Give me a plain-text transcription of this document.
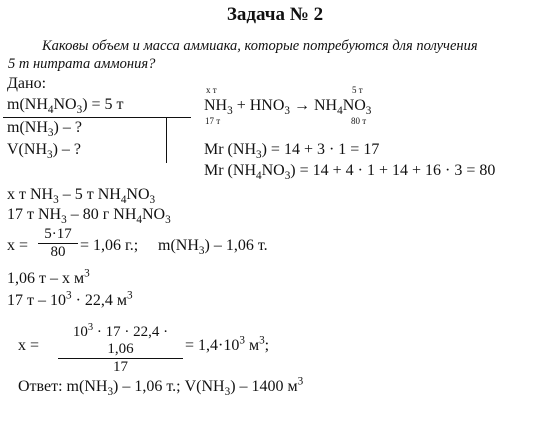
Задача № 2
Каковы объем и масса аммиака, которые потребуются для получения
5 т нитрата аммония?
Дано:
$m(NH_4NO_3) = 5$ т
$m(NH_3)$ – ?
$V(NH_3)$ – ?
x т
17 т
5 т
80 т
$NH_3 + HNO_3 \to NH_4NO_3$
Mr $(NH_3) = 14 + 3 \cdot 1 = 17$
Mr $(NH_4NO_3) = 14 + 4 \cdot 1 + 14 + 16 \cdot 3 = 80$
x т $NH_3 - 5$ т $NH_4NO_3$
17 т $NH_3 - 80$ г $NH_4NO_3$
$x = \frac{5\cdot 17}{80} = 1,06$ г.; $m(NH_3) - 1,06$ т.
1,06 т – x $м^3$
17 $т - 10^3 \cdot 22,4$ $м^3$
$x = \frac{10^3 \cdot 17 \cdot 22,4 \cdot 1,06}{17} = 1,4\cdot 10^3$ $м^3$;
Ответ: $m(NH_3) - 1,06$ т.; $V(NH_3) - 1400$ $м^3$
